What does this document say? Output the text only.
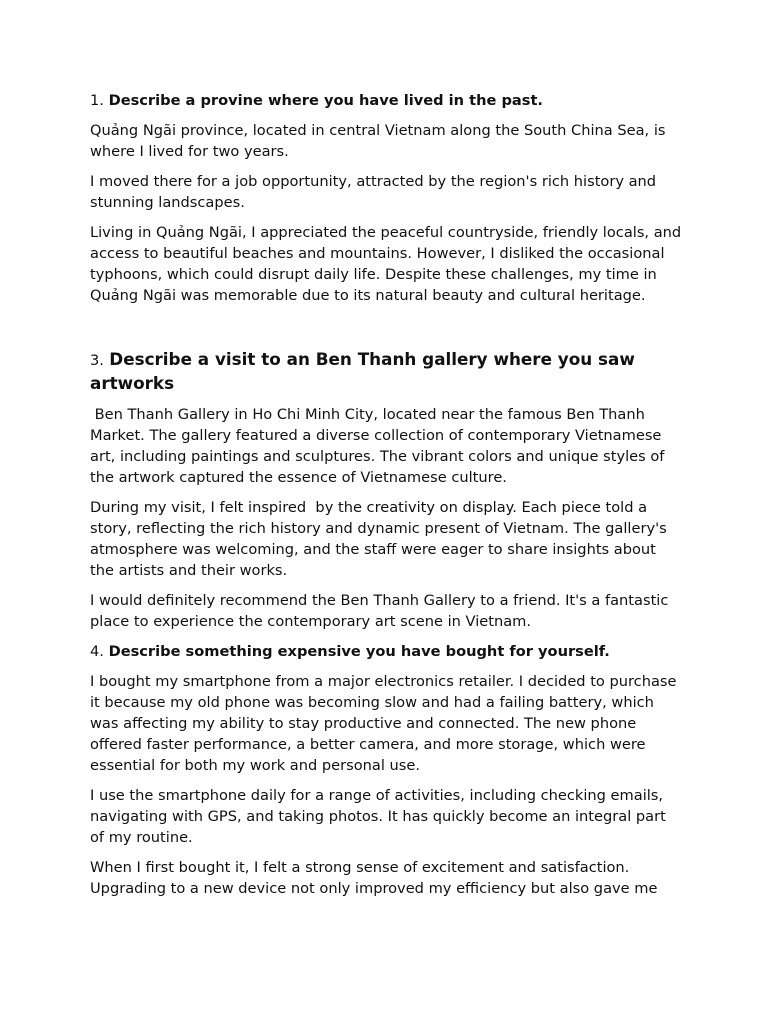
1. Describe a provine where you have lived in the past.

Quảng Ngãi province, located in central Vietnam along the South China Sea, is where I lived for two years.

I moved there for a job opportunity, attracted by the region's rich history and stunning landscapes.

Living in Quảng Ngãi, I appreciated the peaceful countryside, friendly locals, and access to beautiful beaches and mountains. However, I disliked the occasional typhoons, which could disrupt daily life. Despite these challenges, my time in Quảng Ngãi was memorable due to its natural beauty and cultural heritage.

3. Describe a visit to an Ben Thanh gallery where you saw artworks

Ben Thanh Gallery in Ho Chi Minh City, located near the famous Ben Thanh Market. The gallery featured a diverse collection of contemporary Vietnamese art, including paintings and sculptures. The vibrant colors and unique styles of the artwork captured the essence of Vietnamese culture.

During my visit, I felt inspired  by the creativity on display. Each piece told a story, reflecting the rich history and dynamic present of Vietnam. The gallery's atmosphere was welcoming, and the staff were eager to share insights about the artists and their works.

I would definitely recommend the Ben Thanh Gallery to a friend. It's a fantastic place to experience the contemporary art scene in Vietnam.

4. Describe something expensive you have bought for yourself.

I bought my smartphone from a major electronics retailer. I decided to purchase it because my old phone was becoming slow and had a failing battery, which was affecting my ability to stay productive and connected. The new phone offered faster performance, a better camera, and more storage, which were essential for both my work and personal use.

I use the smartphone daily for a range of activities, including checking emails, navigating with GPS, and taking photos. It has quickly become an integral part of my routine.

When I first bought it, I felt a strong sense of excitement and satisfaction. Upgrading to a new device not only improved my efficiency but also gave me
